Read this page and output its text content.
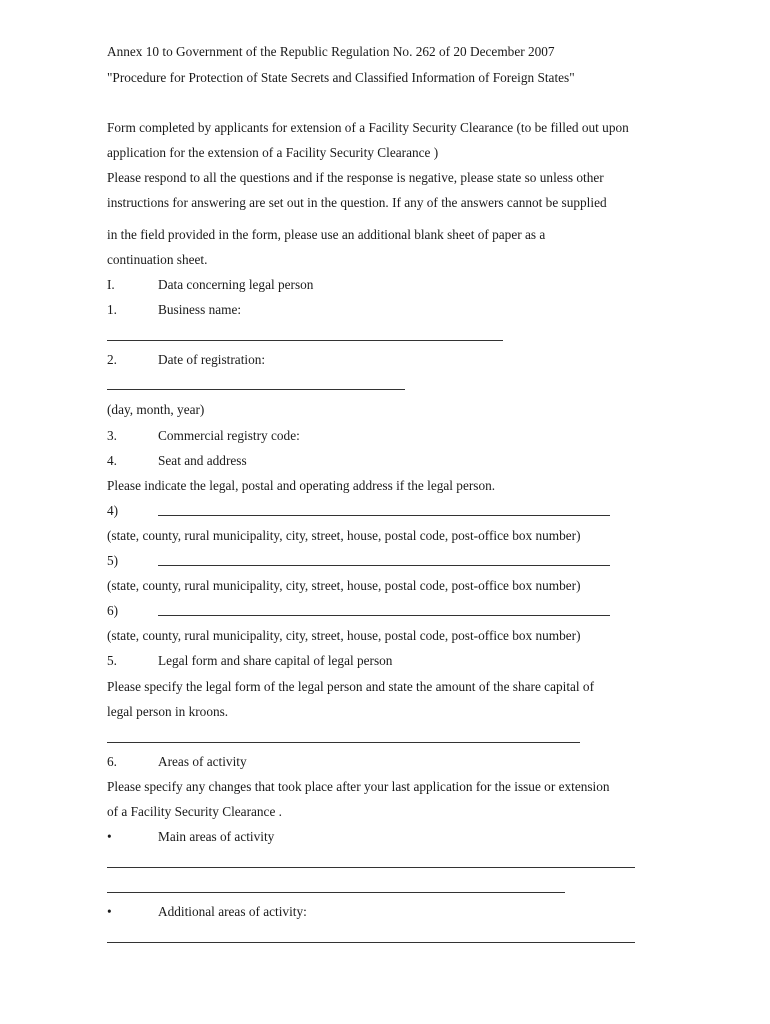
Annex 10 to Government of the Republic Regulation No. 262 of 20 December 2007
"Procedure for Protection of State Secrets and Classified Information of Foreign States"
Form completed by applicants for extension of a Facility Security Clearance (to be filled out upon
application for the extension of a Facility Security Clearance )
Please respond to all the questions and if the response is negative, please state so unless other
instructions for answering are set out in the question. If any of the answers cannot be supplied
in the field provided in the form, please use an additional blank sheet of paper as a
continuation sheet.
I.	Data concerning legal person
1.	Business name:
2.	Date of registration:
(day, month, year)
3.	Commercial registry code:
4.	Seat and address
Please indicate the legal, postal and operating address if the legal person.
4)
(state, county, rural municipality, city, street, house, postal code, post-office box number)
5)
(state, county, rural municipality, city, street, house, postal code, post-office box number)
6)
(state, county, rural municipality, city, street, house, postal code, post-office box number)
5.	Legal form and share capital of legal person
Please specify the legal form of the legal person and state the amount of the share capital of
legal person in kroons.
6.	Areas of activity
Please specify any changes that took place after your last application for the issue or extension
of a Facility Security Clearance .
•	Main areas of activity
•	Additional areas of activity:
